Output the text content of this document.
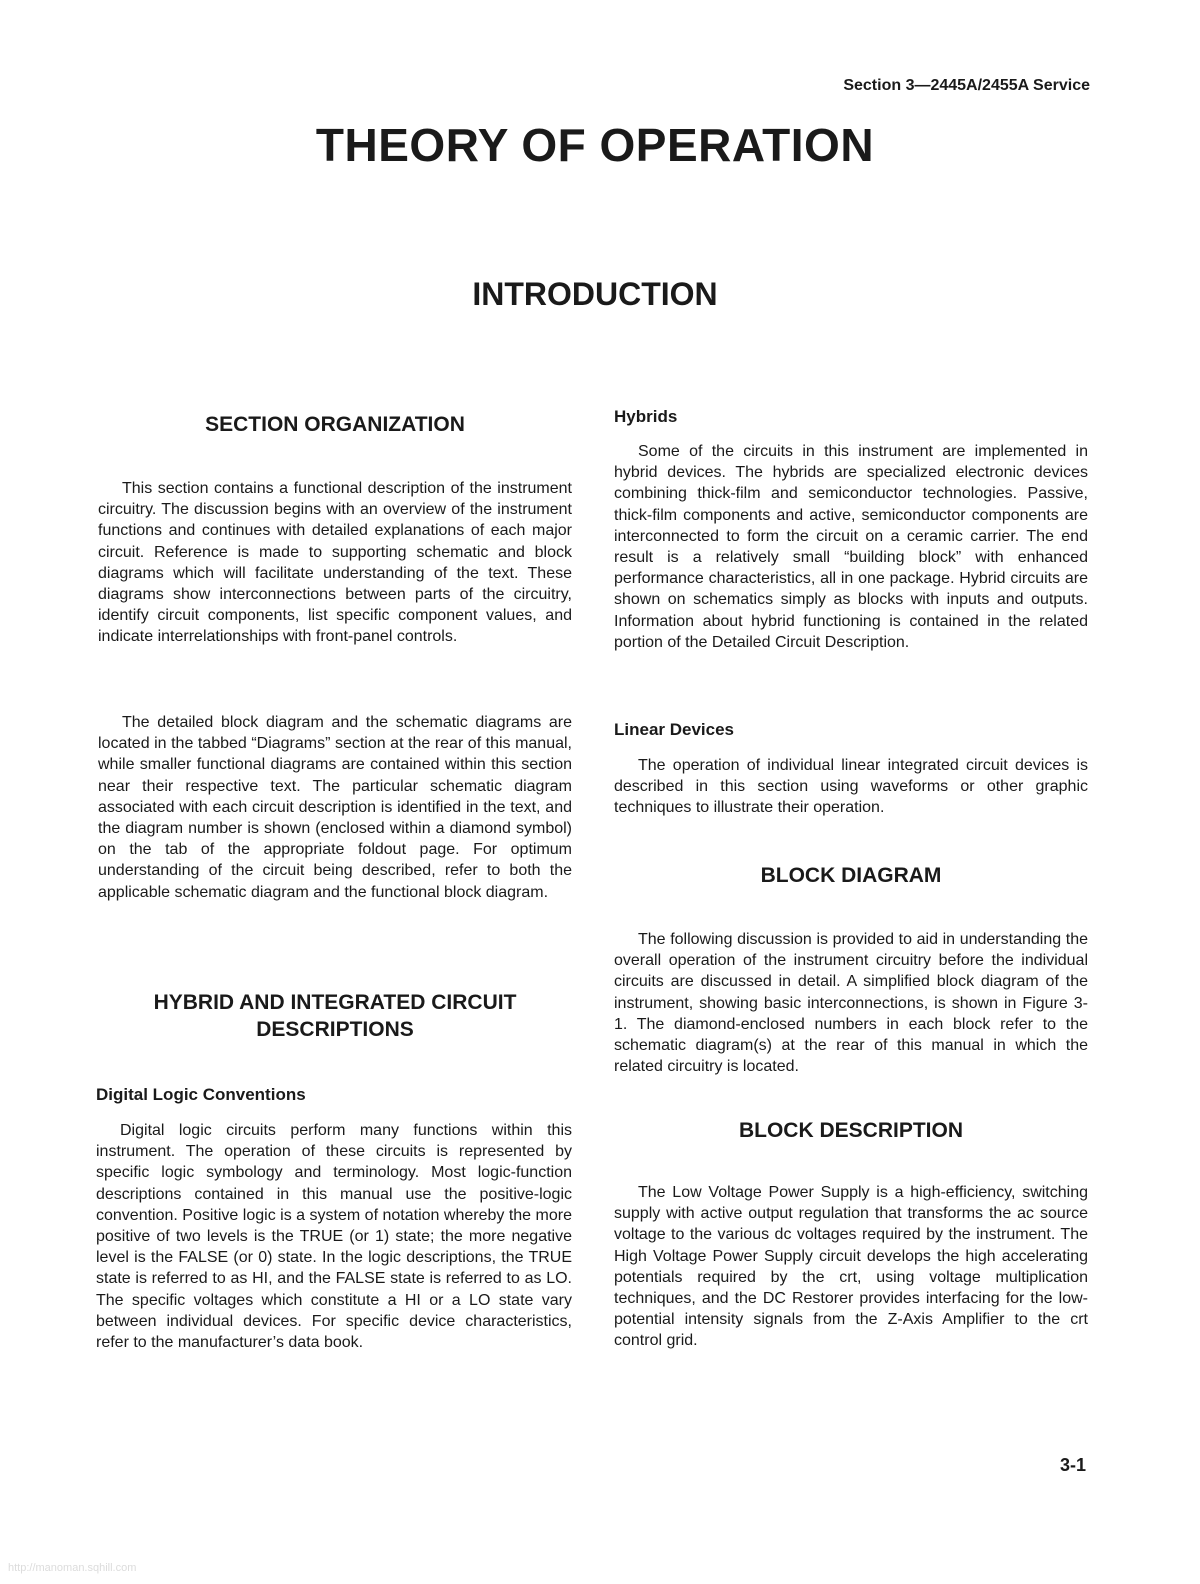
Section 3—2445A/2455A Service
THEORY OF OPERATION
INTRODUCTION
SECTION ORGANIZATION

This section contains a functional description of the instrument circuitry. The discussion begins with an overview of the instrument functions and continues with detailed explanations of each major circuit. Reference is made to supporting schematic and block diagrams which will facilitate understanding of the text. These diagrams show interconnections between parts of the circuitry, identify circuit components, list specific component values, and indicate interrelationships with front-panel controls.

The detailed block diagram and the schematic diagrams are located in the tabbed “Diagrams” section at the rear of this manual, while smaller functional diagrams are contained within this section near their respective text. The particular schematic diagram associated with each circuit description is identified in the text, and the diagram number is shown (enclosed within a diamond symbol) on the tab of the appropriate foldout page. For optimum understanding of the circuit being described, refer to both the applicable schematic diagram and the functional block diagram.

HYBRID AND INTEGRATED CIRCUIT
DESCRIPTIONS
Digital Logic Conventions

Digital logic circuits perform many functions within this instrument. The operation of these circuits is represented by specific logic symbology and terminology. Most logic-function descriptions contained in this manual use the positive-logic convention. Positive logic is a system of notation whereby the more positive of two levels is the TRUE (or 1) state; the more negative level is the FALSE (or 0) state. In the logic descriptions, the TRUE state is referred to as HI, and the FALSE state is referred to as LO. The specific voltages which constitute a HI or a LO state vary between individual devices. For specific device characteristics, refer to the manufacturer’s data book.

Hybrids

Some of the circuits in this instrument are implemented in hybrid devices. The hybrids are specialized electronic devices combining thick-film and semiconductor technologies. Passive, thick-film components and active, semiconductor components are interconnected to form the circuit on a ceramic carrier. The end result is a relatively small “building block” with enhanced performance characteristics, all in one package. Hybrid circuits are shown on schematics simply as blocks with inputs and outputs. Information about hybrid functioning is contained in the related portion of the Detailed Circuit Description.

Linear Devices

The operation of individual linear integrated circuit devices is described in this section using waveforms or other graphic techniques to illustrate their operation.

BLOCK DIAGRAM

The following discussion is provided to aid in understanding the overall operation of the instrument circuitry before the individual circuits are discussed in detail. A simplified block diagram of the instrument, showing basic interconnections, is shown in Figure 3-1. The diamond-enclosed numbers in each block refer to the schematic diagram(s) at the rear of this manual in which the related circuitry is located.

BLOCK DESCRIPTION

The Low Voltage Power Supply is a high-efficiency, switching supply with active output regulation that transforms the ac source voltage to the various dc voltages required by the instrument. The High Voltage Power Supply circuit develops the high accelerating potentials required by the crt, using voltage multiplication techniques, and the DC Restorer provides interfacing for the low-potential intensity signals from the Z-Axis Amplifier to the crt control grid.

3-1
http://manoman.sqhill.com
